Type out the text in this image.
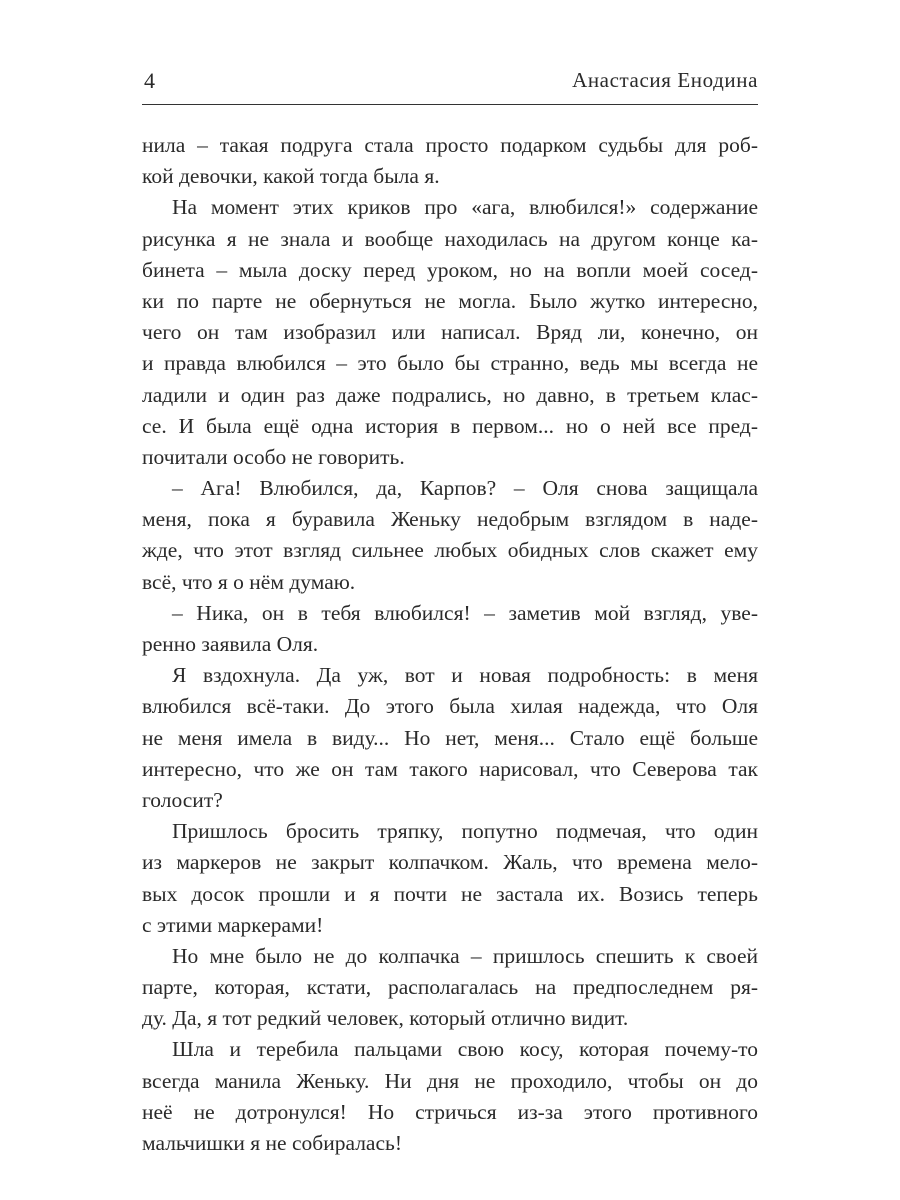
4	Анастасия Енодина
нила – такая подруга стала просто подарком судьбы для роб-
кой девочки, какой тогда была я.
На момент этих криков про «ага, влюбился!» содержание
рисунка я не знала и вообще находилась на другом конце ка-
бинета – мыла доску перед уроком, но на вопли моей сосед-
ки по парте не обернуться не могла. Было жутко интересно,
чего он там изобразил или написал. Вряд ли, конечно, он
и правда влюбился – это было бы странно, ведь мы всегда не
ладили и один раз даже подрались, но давно, в третьем клас-
се. И была ещё одна история в первом... но о ней все пред-
почитали особо не говорить.
– Ага! Влюбился, да, Карпов? – Оля снова защищала
меня, пока я буравила Женьку недобрым взглядом в наде-
жде, что этот взгляд сильнее любых обидных слов скажет ему
всё, что я о нём думаю.
– Ника, он в тебя влюбился! – заметив мой взгляд, уве-
ренно заявила Оля.
Я вздохнула. Да уж, вот и новая подробность: в меня
влюбился всё-таки. До этого была хилая надежда, что Оля
не меня имела в виду... Но нет, меня... Стало ещё больше
интересно, что же он там такого нарисовал, что Северова так
голосит?
Пришлось бросить тряпку, попутно подмечая, что один
из маркеров не закрыт колпачком. Жаль, что времена мело-
вых досок прошли и я почти не застала их. Возись теперь
с этими маркерами!
Но мне было не до колпачка – пришлось спешить к своей
парте, которая, кстати, располагалась на предпоследнем ря-
ду. Да, я тот редкий человек, который отлично видит.
Шла и теребила пальцами свою косу, которая почему-то
всегда манила Женьку. Ни дня не проходило, чтобы он до
неё не дотронулся! Но стричься из-за этого противного
мальчишки я не собиралась!
